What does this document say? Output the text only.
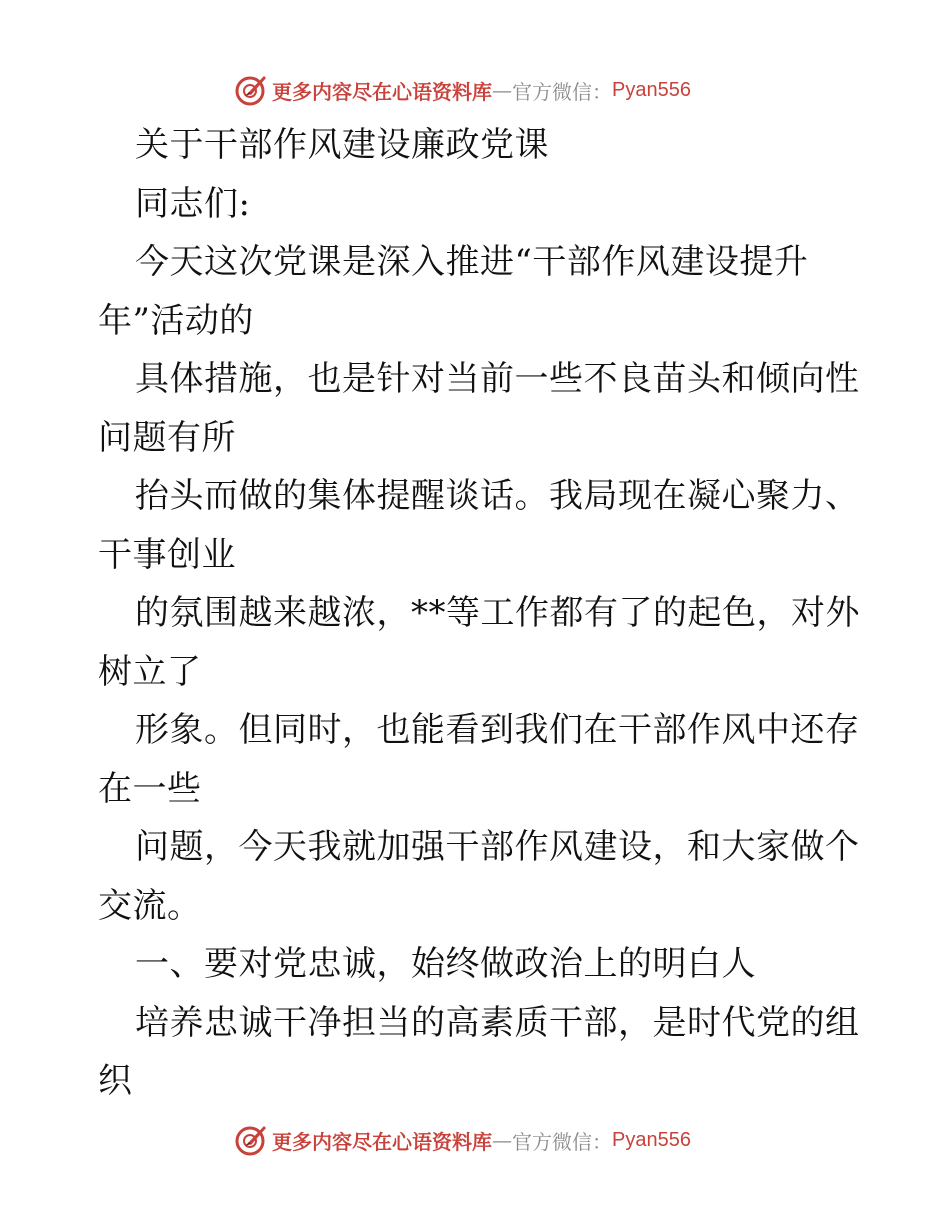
更多内容尽在心语资料库 — 官方微信： Pyan556
关于干部作风建设廉政党课
同志们:
今天这次党课是深入推进“干部作风建设提升
年”活动的
具体措施，也是针对当前一些不良苗头和倾向性
问题有所
抬头而做的集体提醒谈话。我局现在凝心聚力、
干事创业
的氛围越来越浓，**等工作都有了的起色，对外
树立了
形象。但同时，也能看到我们在干部作风中还存
在一些
问题，今天我就加强干部作风建设，和大家做个
交流。
一、要对党忠诚，始终做政治上的明白人
培养忠诚干净担当的高素质干部，是时代党的组
织
更多内容尽在心语资料库 — 官方微信： Pyan556
